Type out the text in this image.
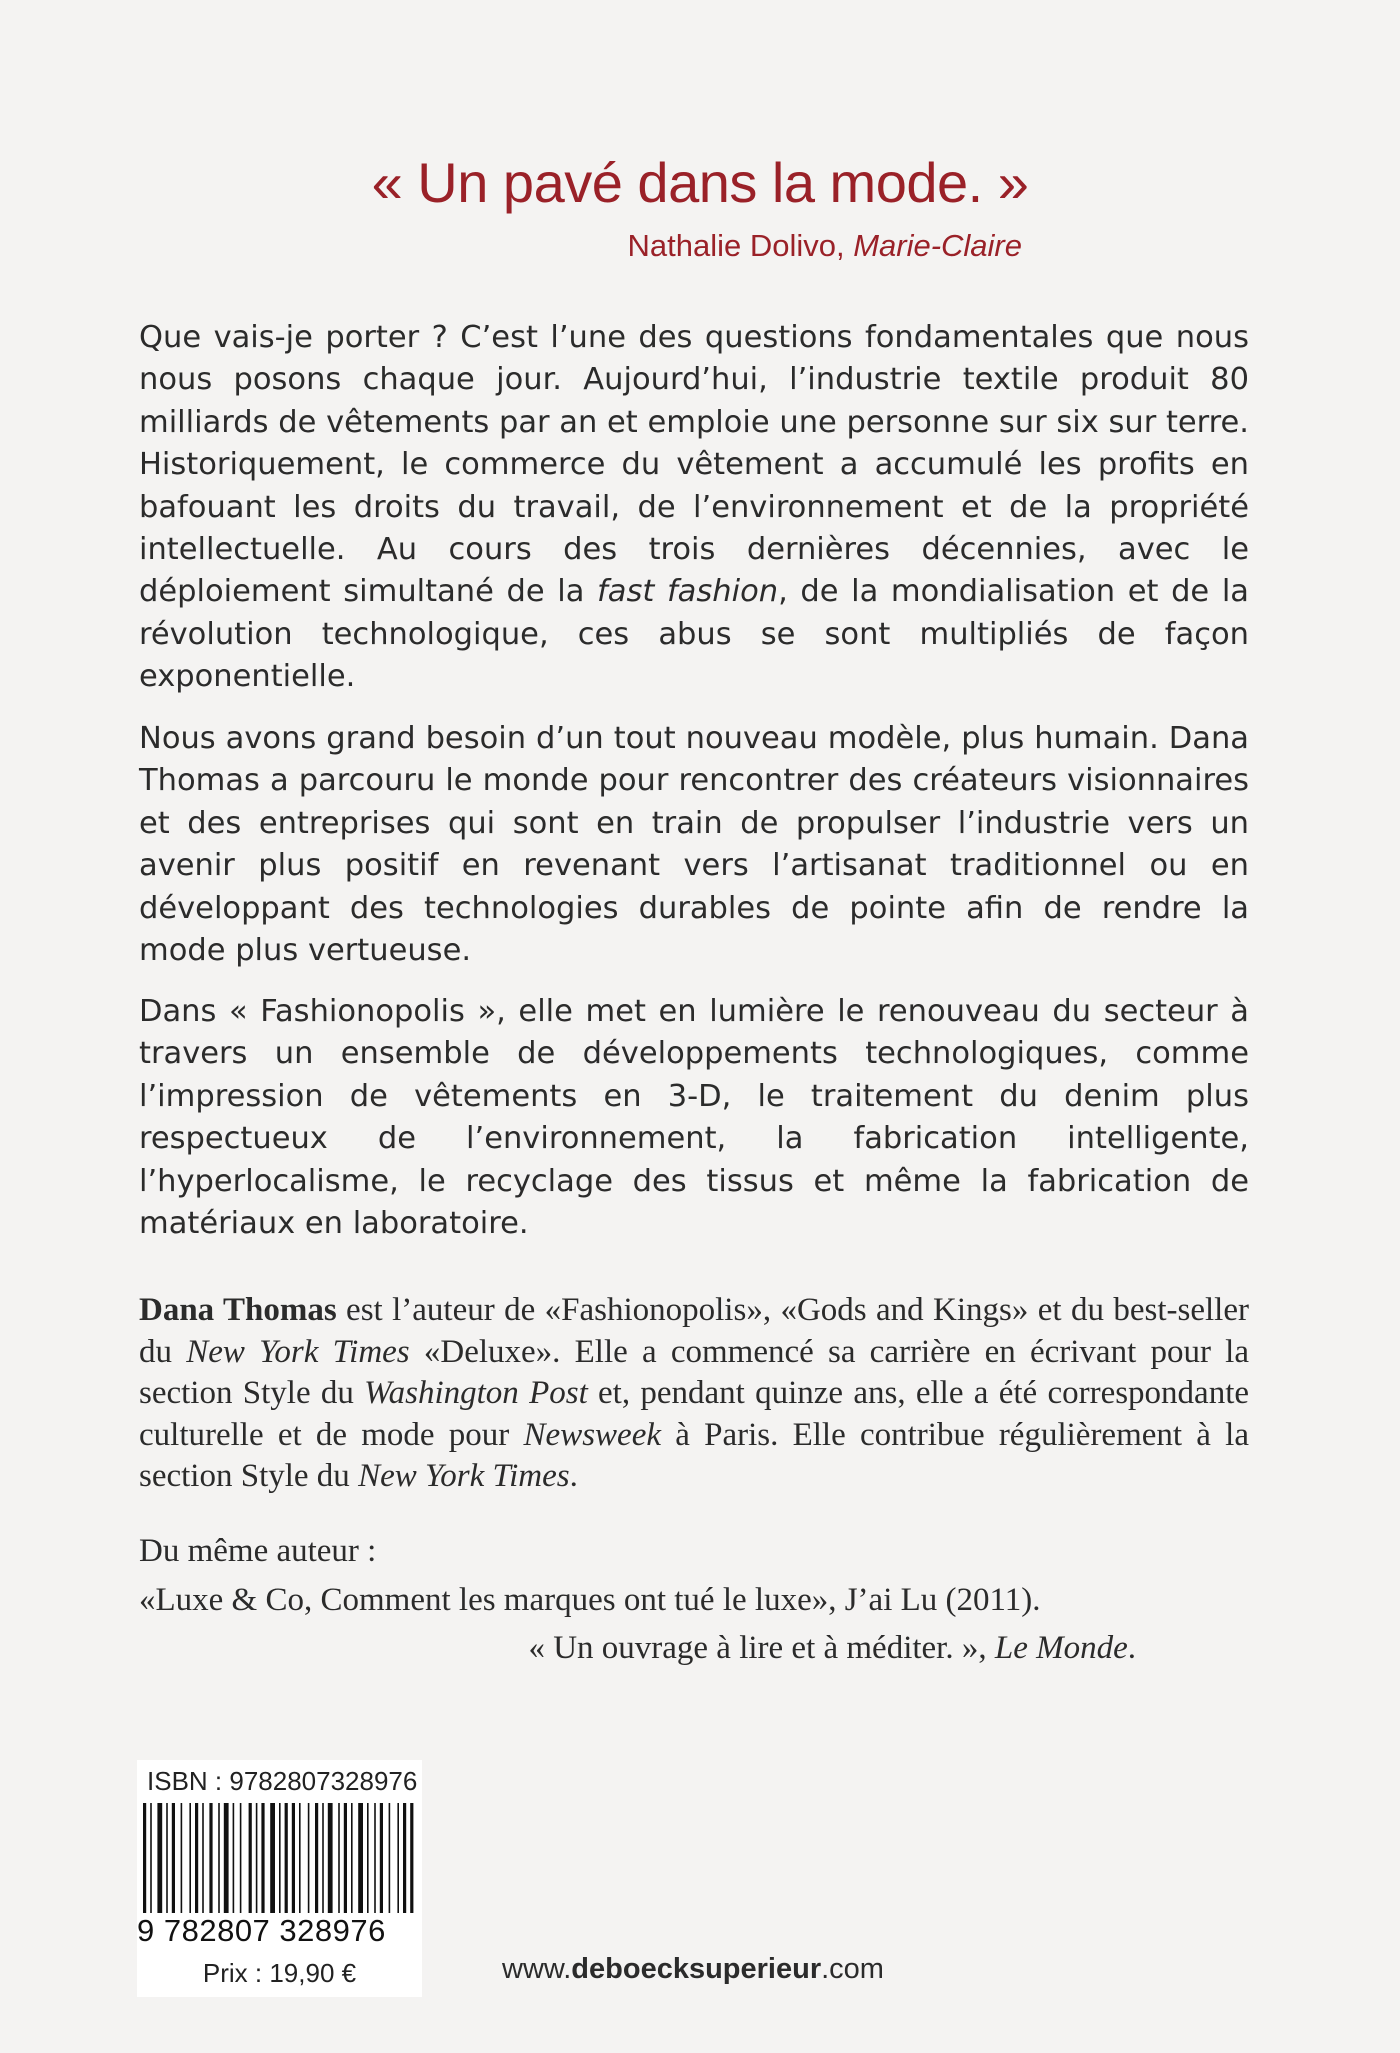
« Un pavé dans la mode. »
Nathalie Dolivo, Marie-Claire

Que vais-je porter ? C’est l’une des questions fondamentales que nous nous posons chaque jour. Aujourd’hui, l’industrie textile produit 80 milliards de vêtements par an et emploie une personne sur six sur terre. Historiquement, le commerce du vêtement a accumulé les profits en bafouant les droits du travail, de l’environnement et de la propriété intellectuelle. Au cours des trois dernières décennies, avec le déploiement simultané de la fast fashion, de la mondialisation et de la révolution technologique, ces abus se sont multipliés de façon exponentielle.

Nous avons grand besoin d’un tout nouveau modèle, plus humain. Dana Thomas a parcouru le monde pour rencontrer des créateurs visionnaires et des entreprises qui sont en train de propulser l’industrie vers un avenir plus positif en revenant vers l’artisanat traditionnel ou en développant des technologies durables de pointe afin de rendre la mode plus vertueuse.

Dans « Fashionopolis », elle met en lumière le renouveau du secteur à travers un ensemble de développements technologiques, comme l’impression de vêtements en 3-D, le traitement du denim plus respectueux de l’environnement, la fabrication intelligente, l’hyperlocalisme, le recyclage des tissus et même la fabrication de matériaux en laboratoire.

Dana Thomas est l’auteur de «Fashionopolis», «Gods and Kings» et du best-seller du New York Times «Deluxe». Elle a commencé sa carrière en écrivant pour la section Style du Washington Post et, pendant quinze ans, elle a été correspondante culturelle et de mode pour Newsweek à Paris. Elle contribue régulièrement à la section Style du New York Times.

Du même auteur :
«Luxe & Co, Comment les marques ont tué le luxe», J’ai Lu (2011).
« Un ouvrage à lire et à méditer. », Le Monde.
ISBN : 9782807328976
9 782807 328976
Prix : 19,90 €	www.deboecksuperieur.com
